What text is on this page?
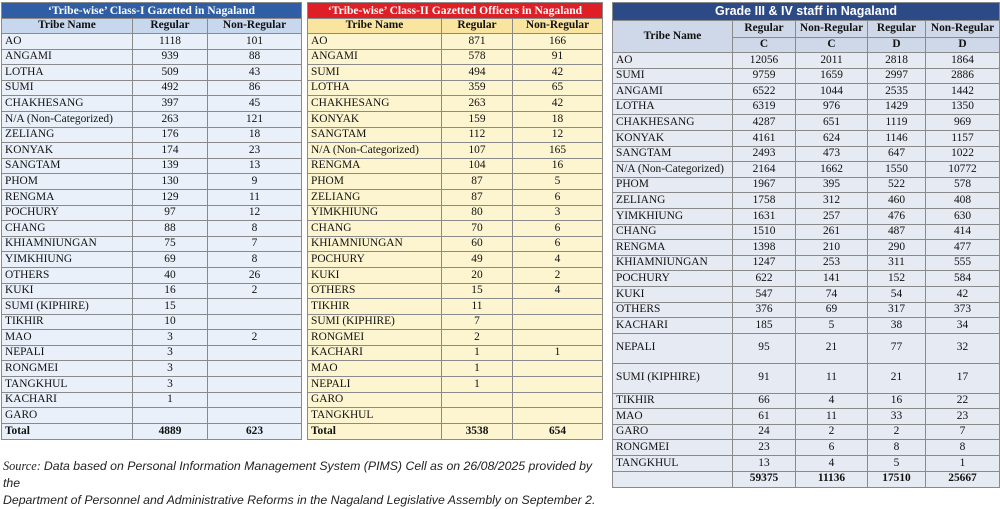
‘Tribe-wise’ Class-I Gazetted in Nagaland		
Tribe Name	Regular	Non-Regular
AO	1118	101
ANGAMI	939	88
LOTHA	509	43
SUMI	492	86
CHAKHESANG	397	45
N/A (Non-Categorized)	263	121
ZELIANG	176	18
KONYAK	174	23
SANGTAM	139	13
PHOM	130	9
RENGMA	129	11
POCHURY	97	12
CHANG	88	8
KHIAMNIUNGAN	75	7
YIMKHIUNG	69	8
OTHERS	40	26
KUKI	16	2
SUMI (KIPHIRE)	15	
TIKHIR	10	
MAO	3	2
NEPALI	3	
RONGMEI	3	
TANGKHUL	3	
KACHARI	1	
GARO		
Total	4889	623
‘Tribe-wise’ Class-II Gazetted Officers in Nagaland		
Tribe Name	Regular	Non-Regular
AO	871	166
ANGAMI	578	91
SUMI	494	42
LOTHA	359	65
CHAKHESANG	263	42
KONYAK	159	18
SANGTAM	112	12
N/A (Non-Categorized)	107	165
RENGMA	104	16
PHOM	87	5
ZELIANG	87	6
YIMKHIUNG	80	3
CHANG	70	6
KHIAMNIUNGAN	60	6
POCHURY	49	4
KUKI	20	2
OTHERS	15	4
TIKHIR	11	
SUMI (KIPHIRE)	7	
RONGMEI	2	
KACHARI	1	1
MAO	1	
NEPALI	1	
GARO		
TANGKHUL		
Total	3538	654
Grade III & IV staff in Nagaland				
Tribe Name	Regular	Non-Regular	Regular	Non-Regular
	C	C	D	D
AO	12056	2011	2818	1864
SUMI	9759	1659	2997	2886
ANGAMI	6522	1044	2535	1442
LOTHA	6319	976	1429	1350
CHAKHESANG	4287	651	1119	969
KONYAK	4161	624	1146	1157
SANGTAM	2493	473	647	1022
N/A (Non-Categorized)	2164	1662	1550	10772
PHOM	1967	395	522	578
ZELIANG	1758	312	460	408
YIMKHIUNG	1631	257	476	630
CHANG	1510	261	487	414
RENGMA	1398	210	290	477
KHIAMNIUNGAN	1247	253	311	555
POCHURY	622	141	152	584
KUKI	547	74	54	42
OTHERS	376	69	317	373
KACHARI	185	5	38	34
NEPALI	95	21	77	32
SUMI (KIPHIRE)	91	11	21	17
TIKHIR	66	4	16	22
MAO	61	11	33	23
GARO	24	2	2	7
RONGMEI	23	6	8	8
TANGKHUL	13	4	5	1
	59375	11136	17510	25667
Source: Data based on Personal Information Management System (PIMS) Cell as on 26/08/2025 provided by the
Department of Personnel and Administrative Reforms in the Nagaland Legislative Assembly on September 2.
